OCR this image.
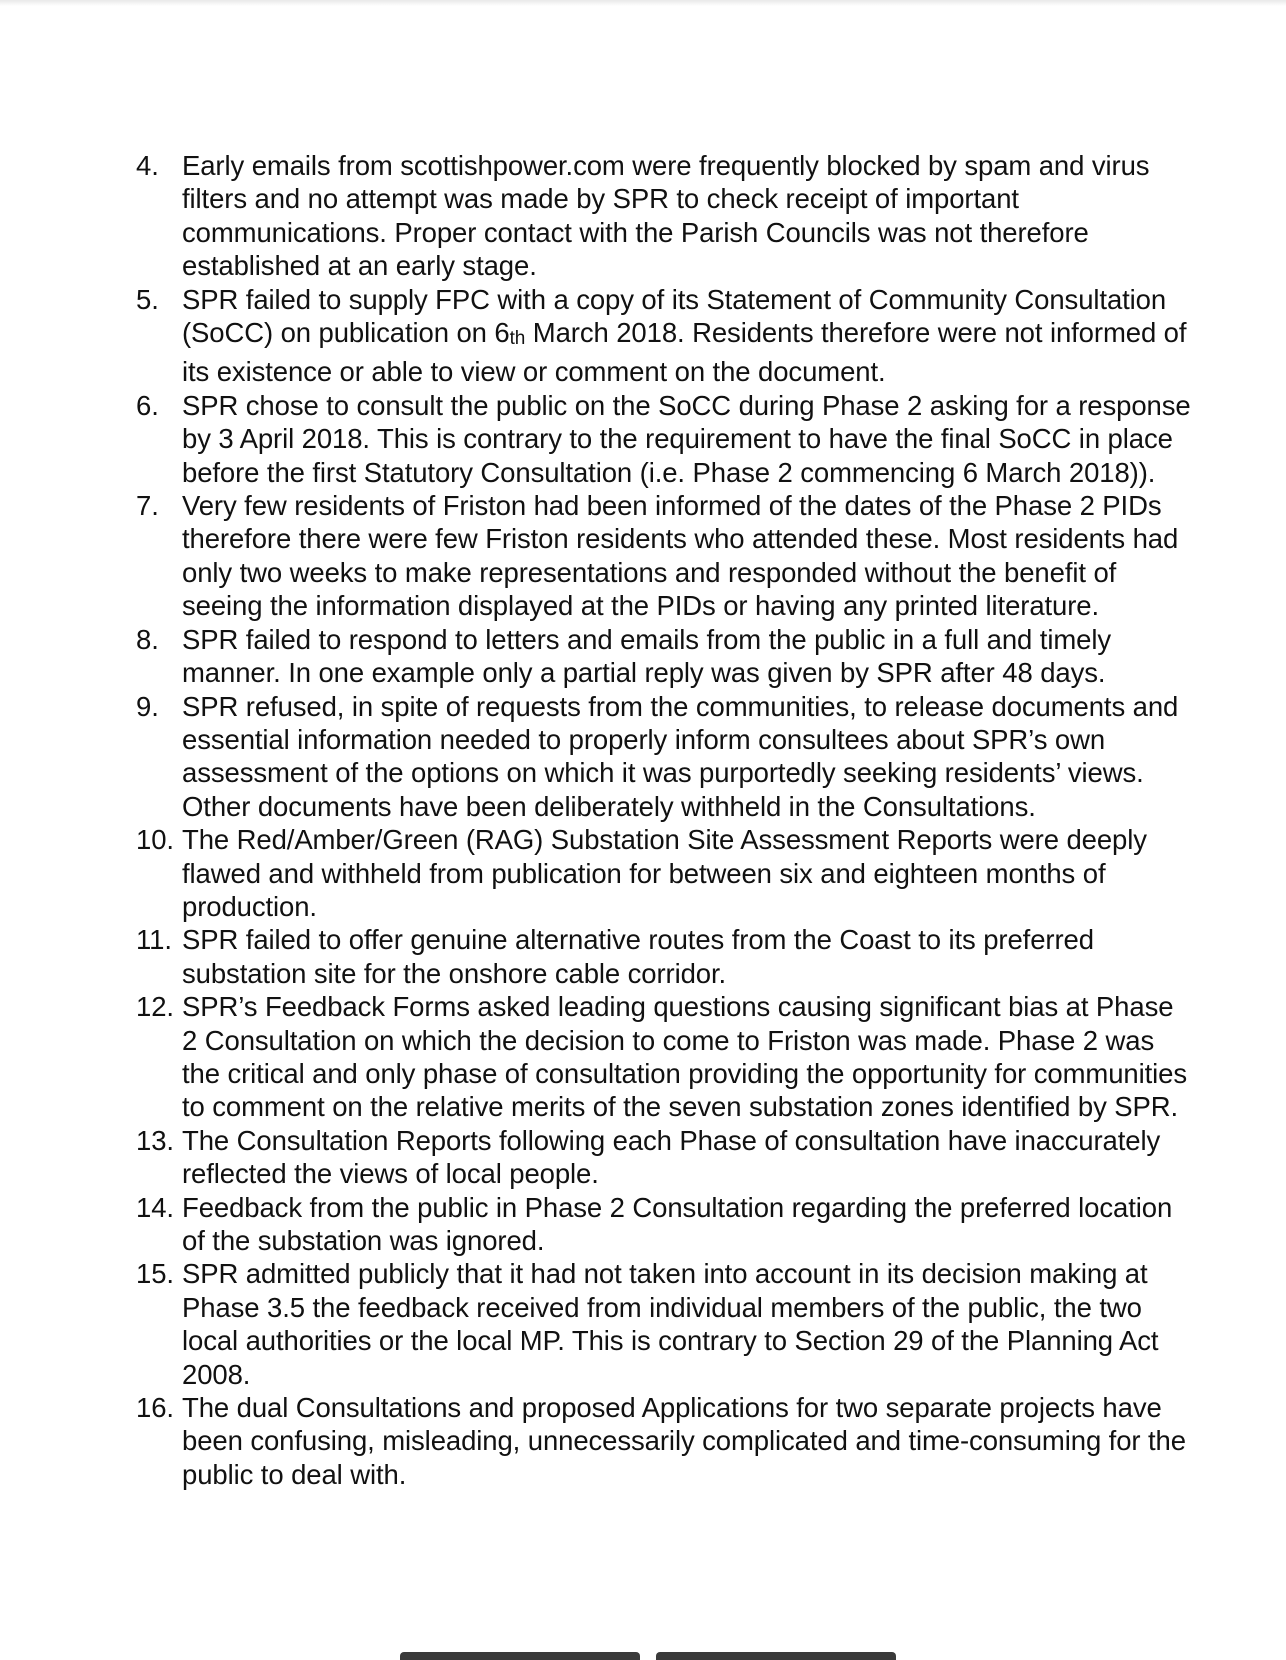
4. Early emails from scottishpower.com were frequently blocked by spam and virus filters and no attempt was made by SPR to check receipt of important communications. Proper contact with the Parish Councils was not therefore established at an early stage.
5. SPR failed to supply FPC with a copy of its Statement of Community Consultation (SoCC) on publication on 6th March 2018. Residents therefore were not informed of its existence or able to view or comment on the document.
6. SPR chose to consult the public on the SoCC during Phase 2 asking for a response by 3 April 2018. This is contrary to the requirement to have the final SoCC in place before the first Statutory Consultation (i.e. Phase 2 commencing 6 March 2018)).
7. Very few residents of Friston had been informed of the dates of the Phase 2 PIDs therefore there were few Friston residents who attended these. Most residents had only two weeks to make representations and responded without the benefit of seeing the information displayed at the PIDs or having any printed literature.
8. SPR failed to respond to letters and emails from the public in a full and timely manner. In one example only a partial reply was given by SPR after 48 days.
9. SPR refused, in spite of requests from the communities, to release documents and essential information needed to properly inform consultees about SPR’s own assessment of the options on which it was purportedly seeking residents’ views. Other documents have been deliberately withheld in the Consultations.
10. The Red/Amber/Green (RAG) Substation Site Assessment Reports were deeply flawed and withheld from publication for between six and eighteen months of production.
11. SPR failed to offer genuine alternative routes from the Coast to its preferred substation site for the onshore cable corridor.
12. SPR’s Feedback Forms asked leading questions causing significant bias at Phase 2 Consultation on which the decision to come to Friston was made. Phase 2 was the critical and only phase of consultation providing the opportunity for communities to comment on the relative merits of the seven substation zones identified by SPR.
13. The Consultation Reports following each Phase of consultation have inaccurately reflected the views of local people.
14. Feedback from the public in Phase 2 Consultation regarding the preferred location of the substation was ignored.
15. SPR admitted publicly that it had not taken into account in its decision making at Phase 3.5 the feedback received from individual members of the public, the two local authorities or the local MP. This is contrary to Section 29 of the Planning Act 2008.
16. The dual Consultations and proposed Applications for two separate projects have been confusing, misleading, unnecessarily complicated and time-consuming for the public to deal with.
